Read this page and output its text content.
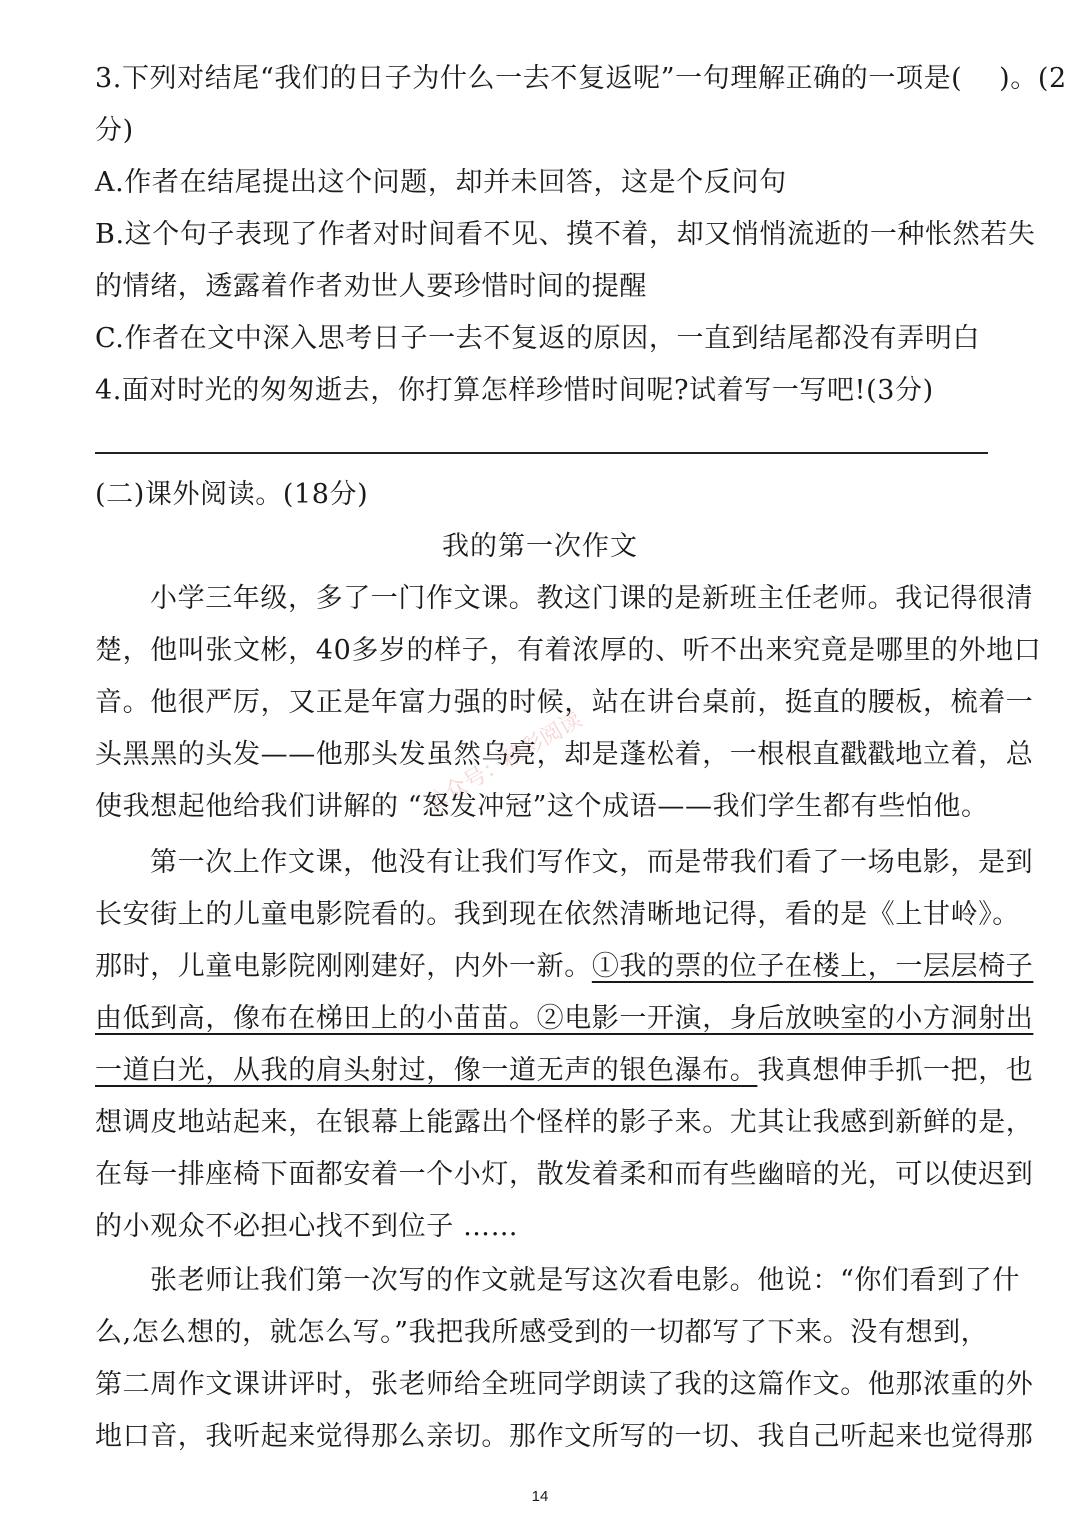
3.下列对结尾“我们的日子为什么一去不复返呢”一句理解正确的一项是(　 )。(2
分)
A.作者在结尾提出这个问题，却并未回答，这是个反问句
B.这个句子表现了作者对时间看不见、摸不着，却又悄悄流逝的一种怅然若失
的情绪，透露着作者劝世人要珍惜时间的提醒
C.作者在文中深入思考日子一去不复返的原因，一直到结尾都没有弄明白
4.面对时光的匆匆逝去，你打算怎样珍惜时间呢?试着写一写吧!(3分)
(二)课外阅读。(18分)
我的第一次作文
公众号：精彩阅读
小学三年级，多了一门作文课。教这门课的是新班主任老师。我记得很清
楚，他叫张文彬，40多岁的样子，有着浓厚的、听不出来究竟是哪里的外地口
音。他很严厉，又正是年富力强的时候，站在讲台桌前，挺直的腰板，梳着一
头黑黑的头发——他那头发虽然乌亮，却是蓬松着，一根根直戳戳地立着，总
使我想起他给我们讲解的 “怒发冲冠”这个成语——我们学生都有些怕他。
第一次上作文课，他没有让我们写作文，而是带我们看了一场电影，是到
长安街上的儿童电影院看的。我到现在依然清晰地记得，看的是《上甘岭》。
那时，儿童电影院刚刚建好，内外一新。①我的票的位子在楼上，一层层椅子
由低到高，像布在梯田上的小苗苗。②电影一开演，身后放映室的小方洞射出
一道白光，从我的肩头射过，像一道无声的银色瀑布。我真想伸手抓一把，也
想调皮地站起来，在银幕上能露出个怪样的影子来。尤其让我感到新鲜的是，
在每一排座椅下面都安着一个小灯，散发着柔和而有些幽暗的光，可以使迟到
的小观众不必担心找不到位子 ……
张老师让我们第一次写的作文就是写这次看电影。他说：“你们看到了什
么,怎么想的，就怎么写。”我把我所感受到的一切都写了下来。没有想到，
第二周作文课讲评时，张老师给全班同学朗读了我的这篇作文。他那浓重的外
地口音，我听起来觉得那么亲切。那作文所写的一切、我自己听起来也觉得那
14
